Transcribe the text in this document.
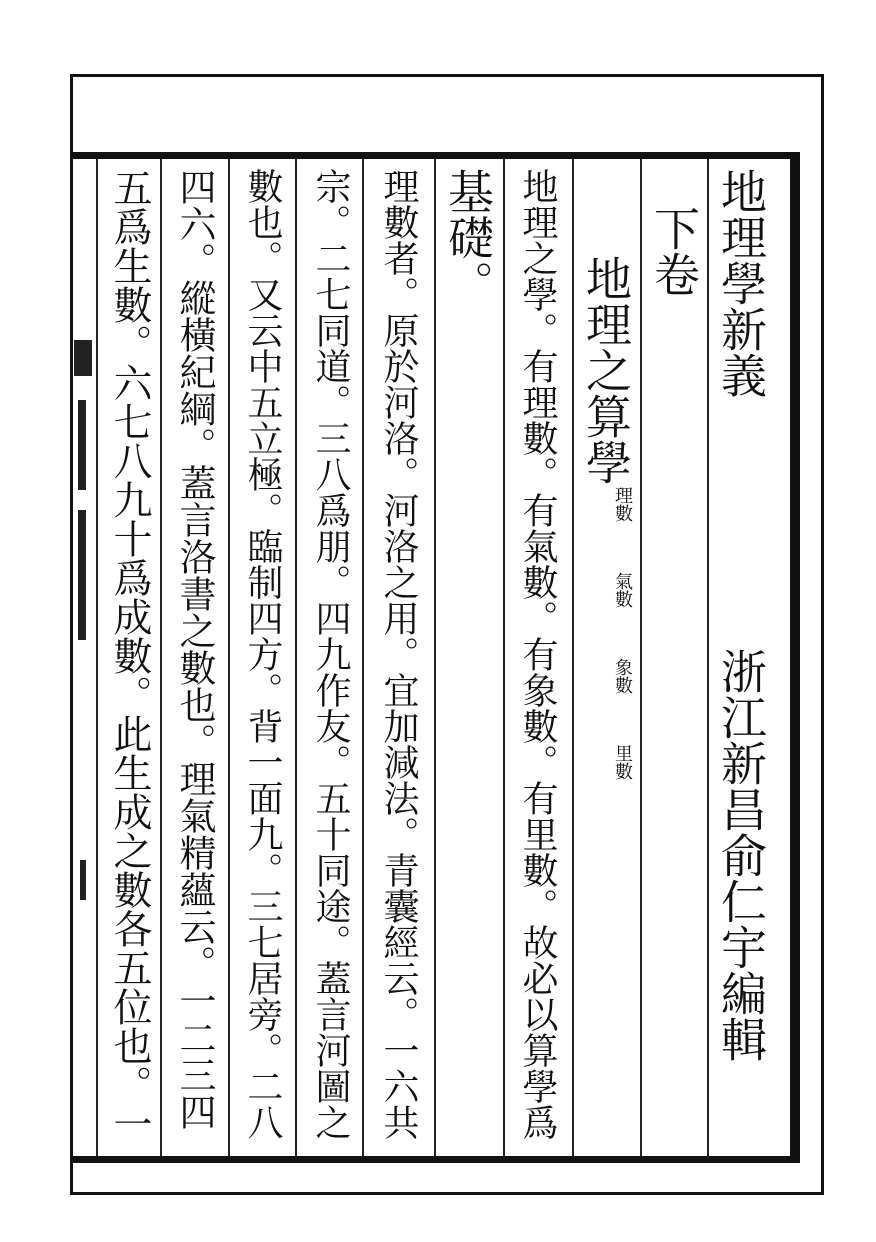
地理學新義
浙江新昌俞仁宇編輯
下卷
地理之算學
理數
氣數
象數
里數
地理之學。有理數。有氣數。有象數。有里數。故必以算學爲
基礎。
理數者。原於河洛。河洛之用。宜加減法。青囊經云。一六共
宗。二七同道。三八爲朋。四九作友。五十同途。蓋言河圖之
數也。又云中五立極。臨制四方。背一面九。三七居旁。二八
四六。縱橫紀綱。蓋言洛書之數也。理氣精蘊云。一二三四
五爲生數。六七八九十爲成數。此生成之數各五位也。一
